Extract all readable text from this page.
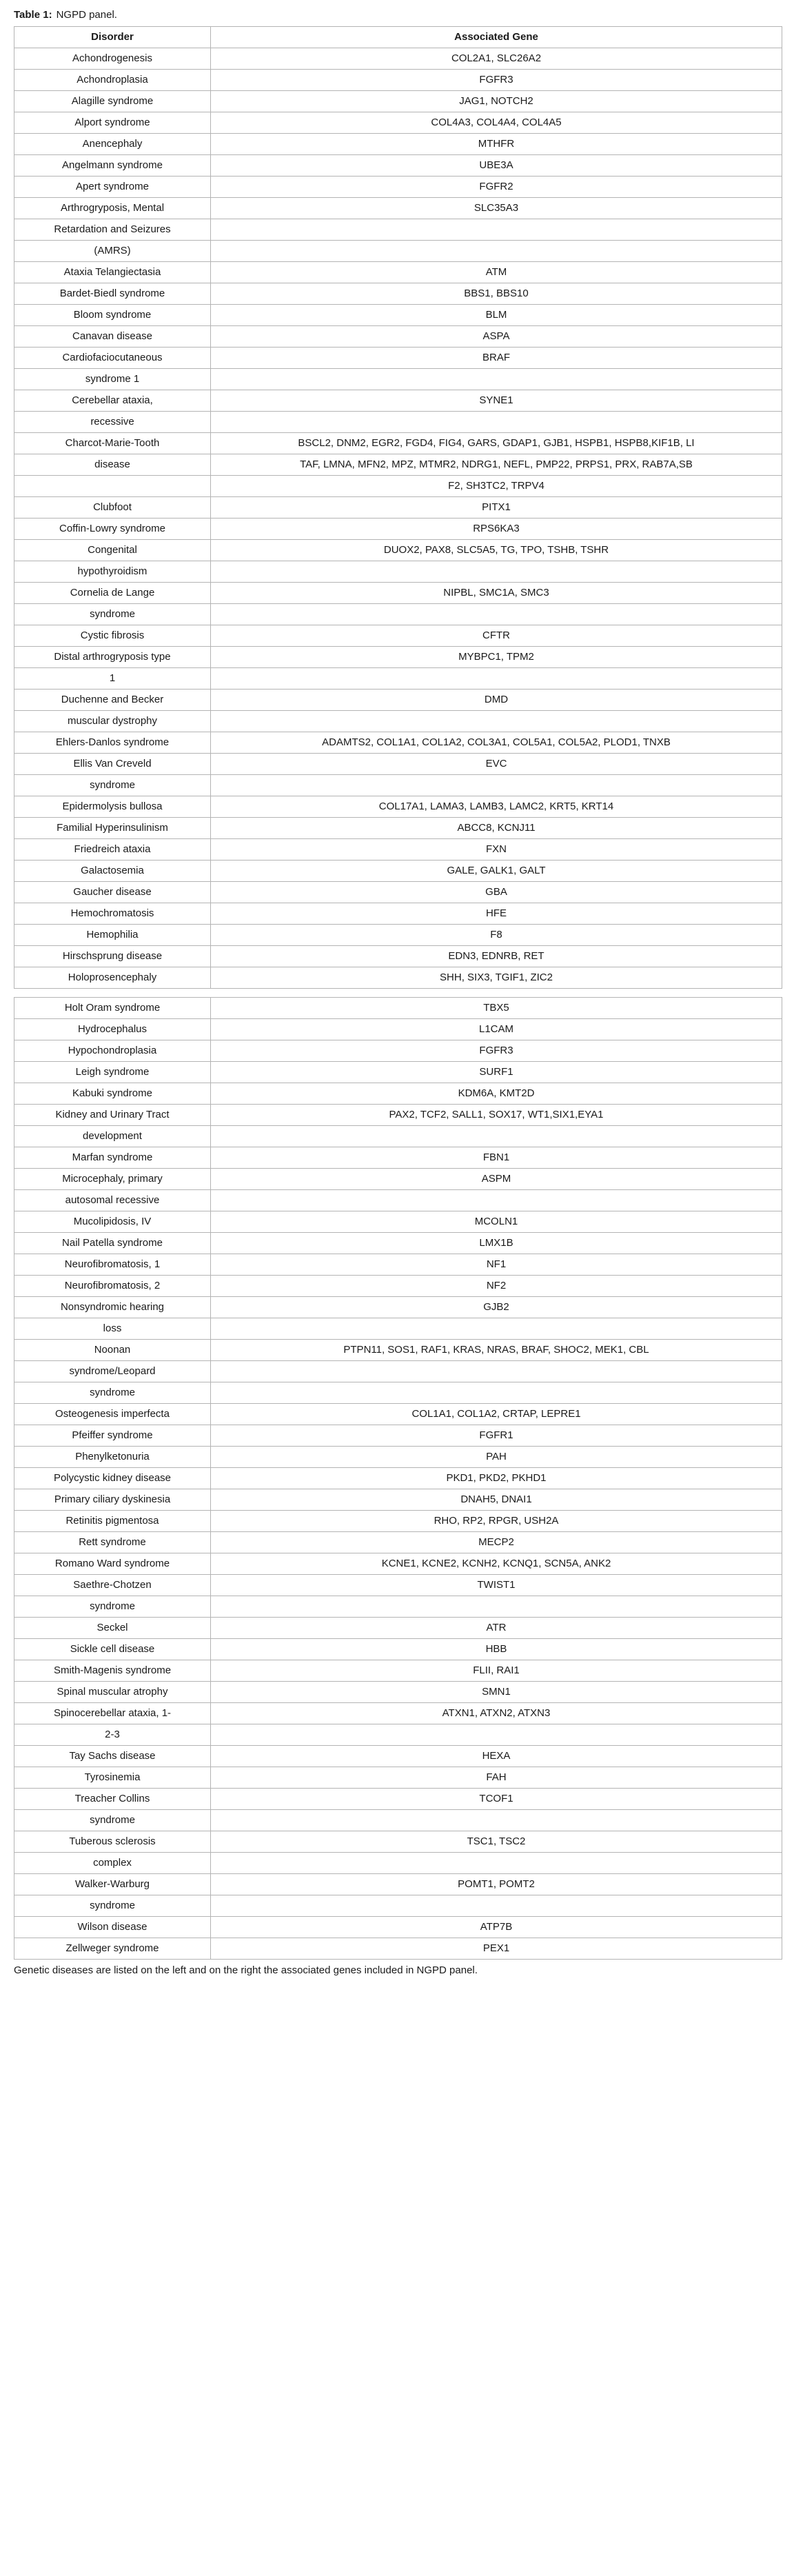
Table 1: NGPD panel.
Disorder	Associated Gene
Achondrogenesis	COL2A1, SLC26A2
Achondroplasia	FGFR3
Alagille syndrome	JAG1, NOTCH2
Alport syndrome	COL4A3, COL4A4, COL4A5
Anencephaly	MTHFR
Angelmann syndrome	UBE3A
Apert syndrome	FGFR2
Arthrogryposis, Mental	SLC35A3
Retardation and Seizures	
(AMRS)	
Ataxia Telangiectasia	ATM
Bardet-Biedl syndrome	BBS1, BBS10
Bloom syndrome	BLM
Canavan disease	ASPA
Cardiofaciocutaneous	BRAF
syndrome 1	
Cerebellar ataxia,	SYNE1
recessive	
Charcot-Marie-Tooth	BSCL2, DNM2, EGR2, FGD4, FIG4, GARS, GDAP1, GJB1, HSPB1, HSPB8,KIF1B, LI
disease	TAF, LMNA, MFN2, MPZ, MTMR2, NDRG1, NEFL, PMP22, PRPS1, PRX, RAB7A,SB
	F2, SH3TC2, TRPV4
Clubfoot	PITX1
Coffin-Lowry syndrome	RPS6KA3
Congenital	DUOX2, PAX8, SLC5A5, TG, TPO, TSHB, TSHR
hypothyroidism	
Cornelia de Lange	NIPBL, SMC1A, SMC3
syndrome	
Cystic fibrosis	CFTR
Distal arthrogryposis type	MYBPC1, TPM2
1	
Duchenne and Becker	DMD
muscular dystrophy	
Ehlers-Danlos syndrome	ADAMTS2, COL1A1, COL1A2, COL3A1, COL5A1, COL5A2, PLOD1, TNXB
Ellis Van Creveld	EVC
syndrome	
Epidermolysis bullosa	COL17A1, LAMA3, LAMB3, LAMC2, KRT5, KRT14
Familial Hyperinsulinism	ABCC8, KCNJ11
Friedreich ataxia	FXN
Galactosemia	GALE, GALK1, GALT
Gaucher disease	GBA
Hemochromatosis	HFE
Hemophilia	F8
Hirschsprung disease	EDN3, EDNRB, RET
Holoprosencephaly	SHH, SIX3, TGIF1, ZIC2
Holt Oram syndrome	TBX5
Hydrocephalus	L1CAM
Hypochondroplasia	FGFR3
Leigh syndrome	SURF1
Kabuki syndrome	KDM6A, KMT2D
Kidney and Urinary Tract	PAX2, TCF2, SALL1, SOX17, WT1,SIX1,EYA1
development	
Marfan syndrome	FBN1
Microcephaly, primary	ASPM
autosomal recessive	
Mucolipidosis, IV	MCOLN1
Nail Patella syndrome	LMX1B
Neurofibromatosis, 1	NF1
Neurofibromatosis, 2	NF2
Nonsyndromic hearing	GJB2
loss	
Noonan	PTPN11, SOS1, RAF1, KRAS, NRAS, BRAF, SHOC2, MEK1, CBL
syndrome/Leopard	
syndrome	
Osteogenesis imperfecta	COL1A1, COL1A2, CRTAP, LEPRE1
Pfeiffer syndrome	FGFR1
Phenylketonuria	PAH
Polycystic kidney disease	PKD1, PKD2, PKHD1
Primary ciliary dyskinesia	DNAH5, DNAI1
Retinitis pigmentosa	RHO, RP2, RPGR, USH2A
Rett syndrome	MECP2
Romano Ward syndrome	KCNE1, KCNE2, KCNH2, KCNQ1, SCN5A, ANK2
Saethre-Chotzen	TWIST1
syndrome	
Seckel	ATR
Sickle cell disease	HBB
Smith-Magenis syndrome	FLII, RAI1
Spinal muscular atrophy	SMN1
Spinocerebellar ataxia, 1-	ATXN1, ATXN2, ATXN3
2-3	
Tay Sachs disease	HEXA
Tyrosinemia	FAH
Treacher Collins	TCOF1
syndrome	
Tuberous sclerosis	TSC1, TSC2
complex	
Walker-Warburg	POMT1, POMT2
syndrome	
Wilson disease	ATP7B
Zellweger syndrome	PEX1
Genetic diseases are listed on the left and on the right the associated genes included in NGPD panel.
